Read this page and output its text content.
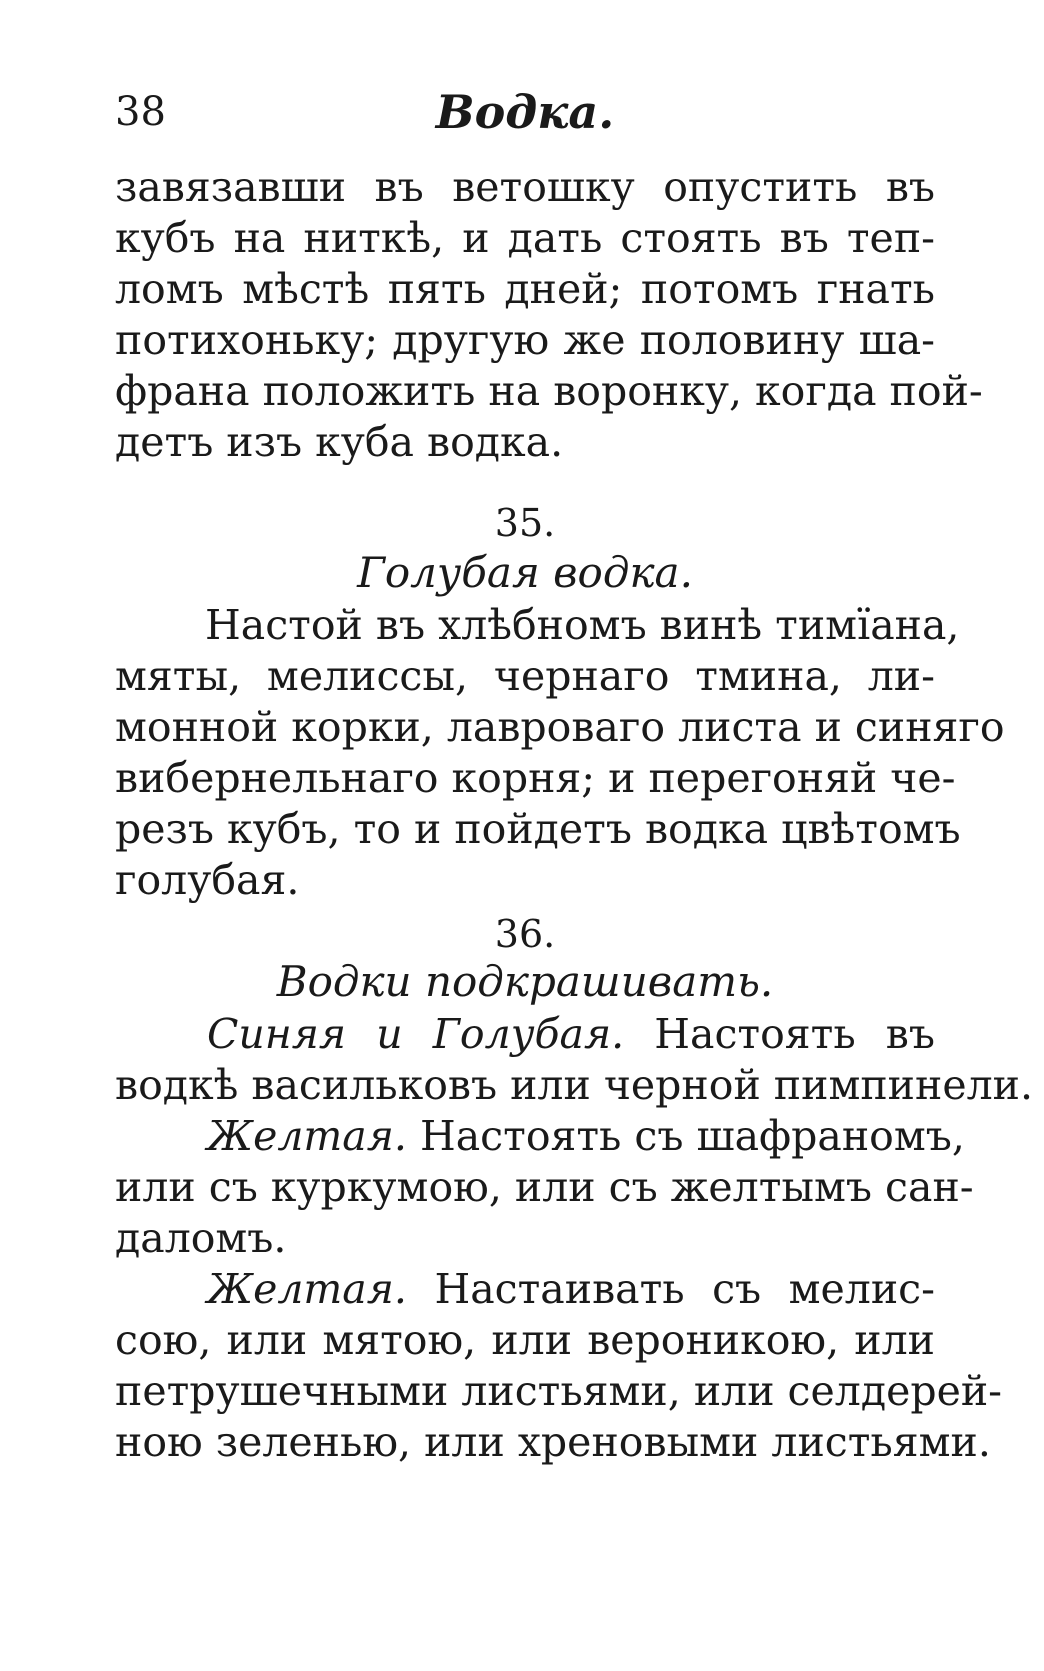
38	Водка.
завязавши въ ветошку опустить въ
кубъ на ниткѣ, и дать стоять въ теп-
ломъ мѣстѣ пять дней; потомъ гнать
потихоньку; другую же половину ша-
франа положить на воронку, когда пой-
детъ изъ куба водка.
35.
Голубая водка.
Настой въ хлѣбномъ винѣ тимїана,
мяты, мелиссы, чернаго тмина, ли-
монной корки, лавроваго листа и синяго
вибернельнаго корня; и перегоняй че-
резъ кубъ, то и пойдетъ водка цвѣтомъ
голубая.
36.
Водки подкрашивать.
Синяя и Голубая. Настоять въ
водкѣ васильковъ или черной пимпинели.
Желтая. Настоять съ шафраномъ,
или съ куркумою, или съ желтымъ сан-
даломъ.
Желтая. Настаивать съ мелис-
сою, или мятою, или вероникою, или
петрушечными листьями, или селдерей-
ною зеленью, или хреновыми листьями.
